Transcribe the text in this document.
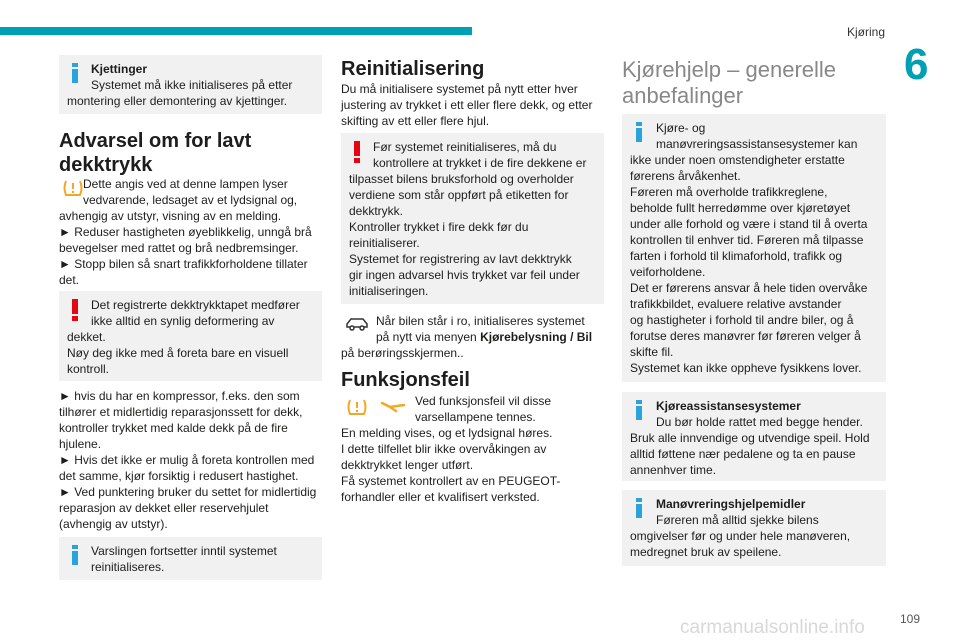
Kjøring
6
Kjettinger
Systemet må ikke initialiseres på etter
montering eller demontering av kjettinger.
Advarsel om for lavt
dekktrykk
Dette angis ved at denne lampen lyser
vedvarende, ledsaget av et lydsignal og,
avhengig av utstyr, visning av en melding.
► Reduser hastigheten øyeblikkelig, unngå brå
bevegelser med rattet og brå nedbremsinger.
► Stopp bilen så snart trafikkforholdene tillater
det.
Det registrerte dekktrykktapet medfører
ikke alltid en synlig deformering av
dekket.
Nøy deg ikke med å foreta bare en visuell
kontroll.
► hvis du har en kompressor, f.eks. den som
tilhører et midlertidig reparasjonssett for dekk,
kontroller trykket med kalde dekk på de fire
hjulene.
► Hvis det ikke er mulig å foreta kontrollen med
det samme, kjør forsiktig i redusert hastighet.
► Ved punktering bruker du settet for midlertidig
reparasjon av dekket eller reservehjulet
(avhengig av utstyr).
Varslingen fortsetter inntil systemet
reinitialiseres.
Reinitialisering
Du må initialisere systemet på nytt etter hver
justering av trykket i ett eller flere dekk, og etter
skifting av ett eller flere hjul.
Før systemet reinitialiseres, må du
kontrollere at trykket i de fire dekkene er
tilpasset bilens bruksforhold og overholder
verdiene som står oppført på etiketten for
dekktrykk.
Kontroller trykket i fire dekk før du
reinitialiserer.
Systemet for registrering av lavt dekktrykk
gir ingen advarsel hvis trykket var feil under
initialiseringen.
Når bilen står i ro, initialiseres systemet
på nytt via menyen Kjørebelysning / Bil
på berøringsskjermen..
Funksjonsfeil
Ved funksjonsfeil vil disse
varsellampene tennes.
En melding vises, og et lydsignal høres.
I dette tilfellet blir ikke overvåkingen av
dekktrykket lenger utført.
Få systemet kontrollert av en PEUGEOT-
forhandler eller et kvalifisert verksted.
Kjørehjelp – generelle
anbefalinger
Kjøre- og
manøvreringsassistansesystemer kan
ikke under noen omstendigheter erstatte
førerens årvåkenhet.
Føreren må overholde trafikkreglene,
beholde fullt herredømme over kjøretøyet
under alle forhold og være i stand til å overta
kontrollen til enhver tid. Føreren må tilpasse
farten i forhold til klimaforhold, trafikk og
veiforholdene.
Det er førerens ansvar å hele tiden overvåke
trafikkbildet, evaluere relative avstander
og hastigheter i forhold til andre biler, og å
forutse deres manøvrer før føreren velger å
skifte fil.
Systemet kan ikke oppheve fysikkens lover.
Kjøreassistansesystemer
Du bør holde rattet med begge hender.
Bruk alle innvendige og utvendige speil. Hold
alltid føttene nær pedalene og ta en pause
annenhver time.
Manøvreringshjelpemidler
Føreren må alltid sjekke bilens
omgivelser før og under hele manøveren,
medregnet bruk av speilene.
109
carmanualsonline.info
